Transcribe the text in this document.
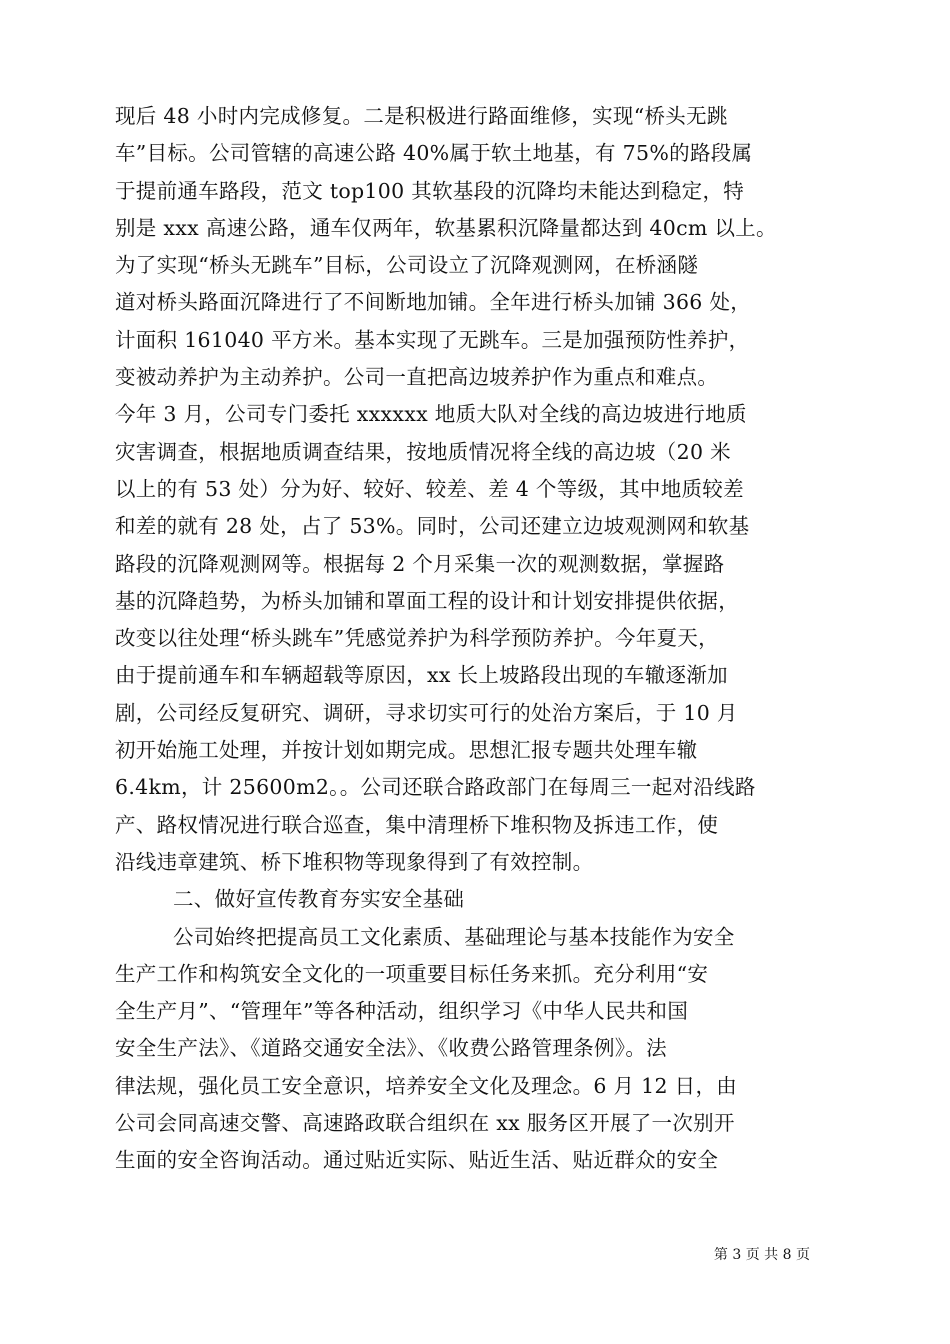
现后 48 小时内完成修复。二是积极进行路面维修，实现“桥头无跳
车”目标。公司管辖的高速公路 40%属于软土地基，有 75%的路段属
于提前通车路段，范文 top100 其软基段的沉降均未能达到稳定，特
别是 xxx 高速公路，通车仅两年，软基累积沉降量都达到 40cm 以上。
为了实现“桥头无跳车”目标，公司设立了沉降观测网，在桥涵隧
道对桥头路面沉降进行了不间断地加铺。全年进行桥头加铺 366 处，
计面积 161040 平方米。基本实现了无跳车。三是加强预防性养护，
变被动养护为主动养护。公司一直把高边坡养护作为重点和难点。
今年 3 月，公司专门委托 xxxxxx 地质大队对全线的高边坡进行地质
灾害调查，根据地质调查结果，按地质情况将全线的高边坡（20 米
以上的有 53 处）分为好、较好、较差、差 4 个等级，其中地质较差
和差的就有 28 处，占了 53%。同时，公司还建立边坡观测网和软基
路段的沉降观测网等。根据每 2 个月采集一次的观测数据，掌握路
基的沉降趋势，为桥头加铺和罩面工程的设计和计划安排提供依据，
改变以往处理“桥头跳车”凭感觉养护为科学预防养护。今年夏天，
由于提前通车和车辆超载等原因，xx 长上坡路段出现的车辙逐渐加
剧，公司经反复研究、调研，寻求切实可行的处治方案后，于 10 月
初开始施工处理，并按计划如期完成。思想汇报专题共处理车辙
6.4km，计 25600m2。。公司还联合路政部门在每周三一起对沿线路
产、路权情况进行联合巡查，集中清理桥下堆积物及拆违工作，使
沿线违章建筑、桥下堆积物等现象得到了有效控制。
二、做好宣传教育夯实安全基础
公司始终把提高员工文化素质、基础理论与基本技能作为安全
生产工作和构筑安全文化的一项重要目标任务来抓。充分利用“安
全生产月”、“管理年”等各种活动，组织学习《中华人民共和国
安全生产法》、《道路交通安全法》、《收费公路管理条例》。法
律法规，强化员工安全意识，培养安全文化及理念。6 月 12 日，由
公司会同高速交警、高速路政联合组织在 xx 服务区开展了一次别开
生面的安全咨询活动。通过贴近实际、贴近生活、贴近群众的安全
第 3 页 共 8 页
